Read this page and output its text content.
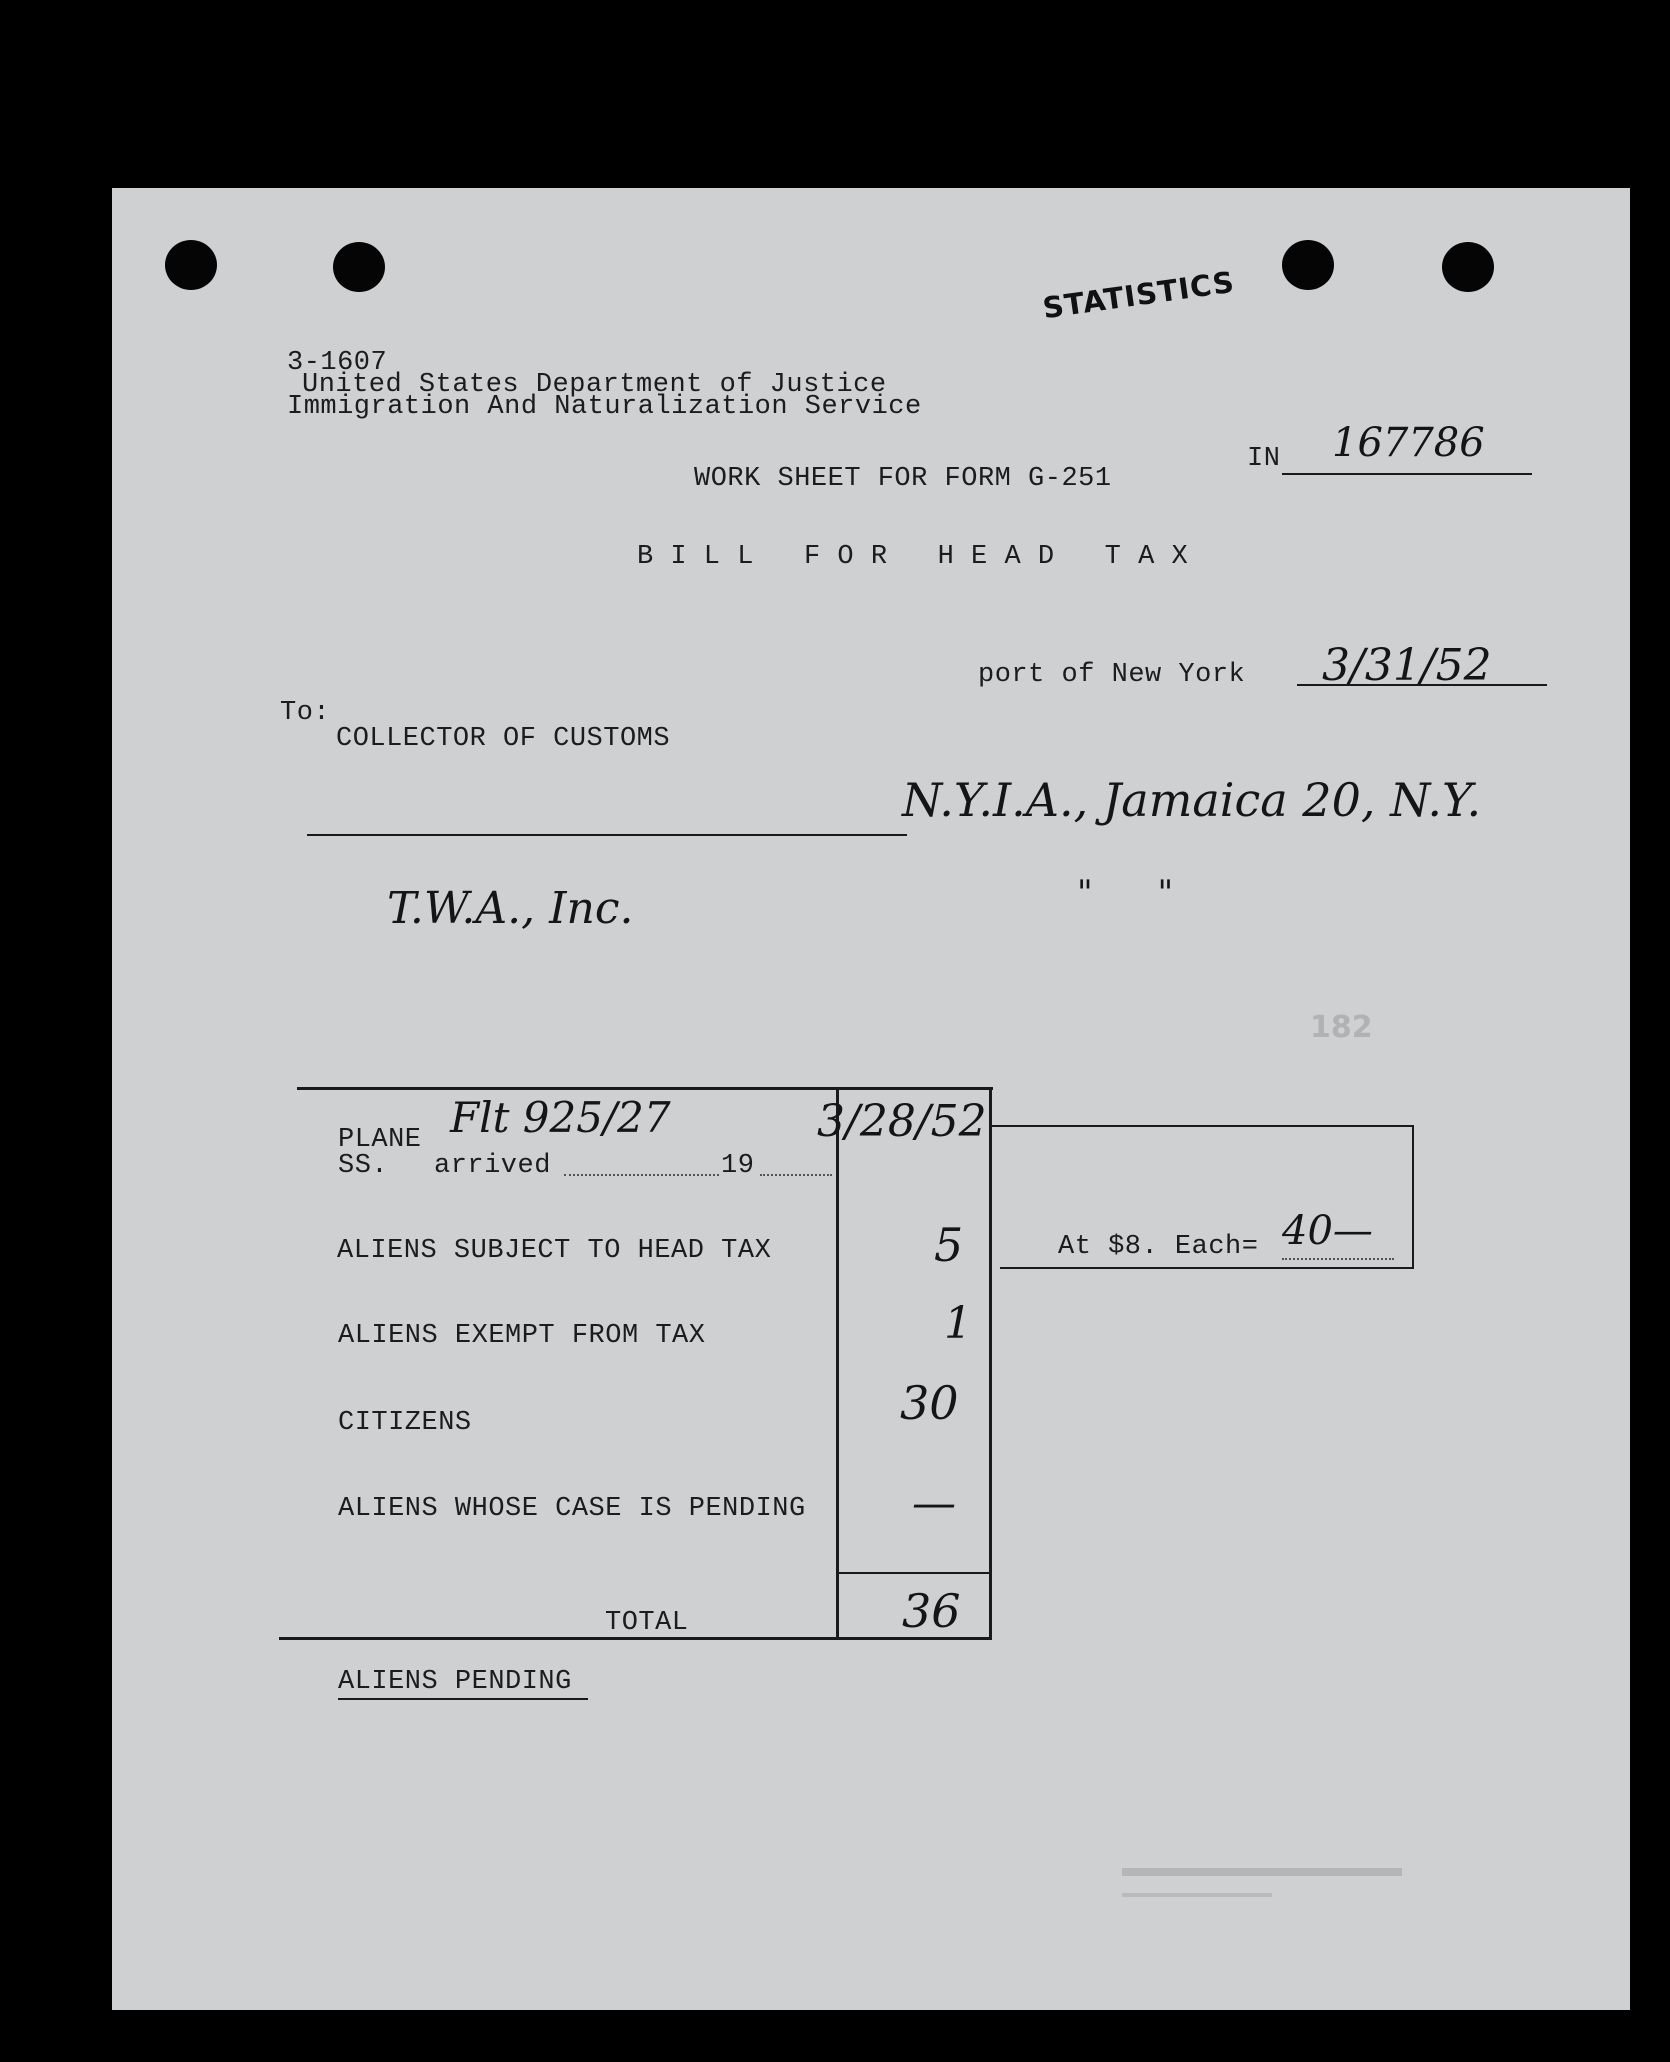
STATISTICS
3-1607
United States Department of Justice
Immigration And Naturalization Service
WORK SHEET FOR FORM G-251
IN 167786
B I L L   F O R   H E A D   T A X
port of New York 3/31/52
To:
COLLECTOR OF CUSTOMS
N.Y.I.A., Jamaica 20, N.Y.
T.W.A., Inc.	"      "
182
PLANE Flt 925/27
SS. arrived	19
3/28/52
ALIENS SUBJECT TO HEAD TAX	5	At $8. Each= 40—
ALIENS EXEMPT FROM TAX	1
CITIZENS	30
ALIENS WHOSE CASE IS PENDING —
TOTAL	36
ALIENS PENDING
